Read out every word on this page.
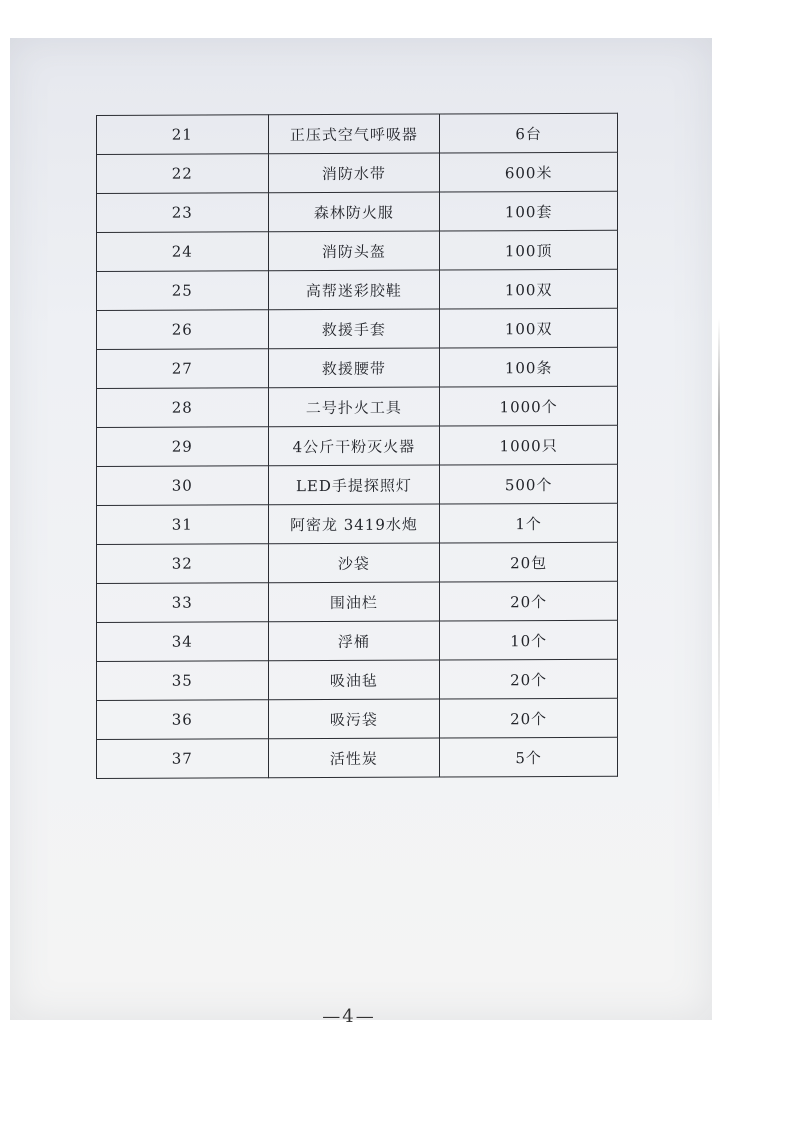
21	正压式空气呼吸器	6台
22	消防水带	600米
23	森林防火服	100套
24	消防头盔	100顶
25	高帮迷彩胶鞋	100双
26	救援手套	100双
27	救援腰带	100条
28	二号扑火工具	1000个
29	4公斤干粉灭火器	1000只
30	LED手提探照灯	500个
31	阿密龙 3419水炮	1个
32	沙袋	20包
33	围油栏	20个
34	浮桶	10个
35	吸油毡	20个
36	吸污袋	20个
37	活性炭	5个
—4—
